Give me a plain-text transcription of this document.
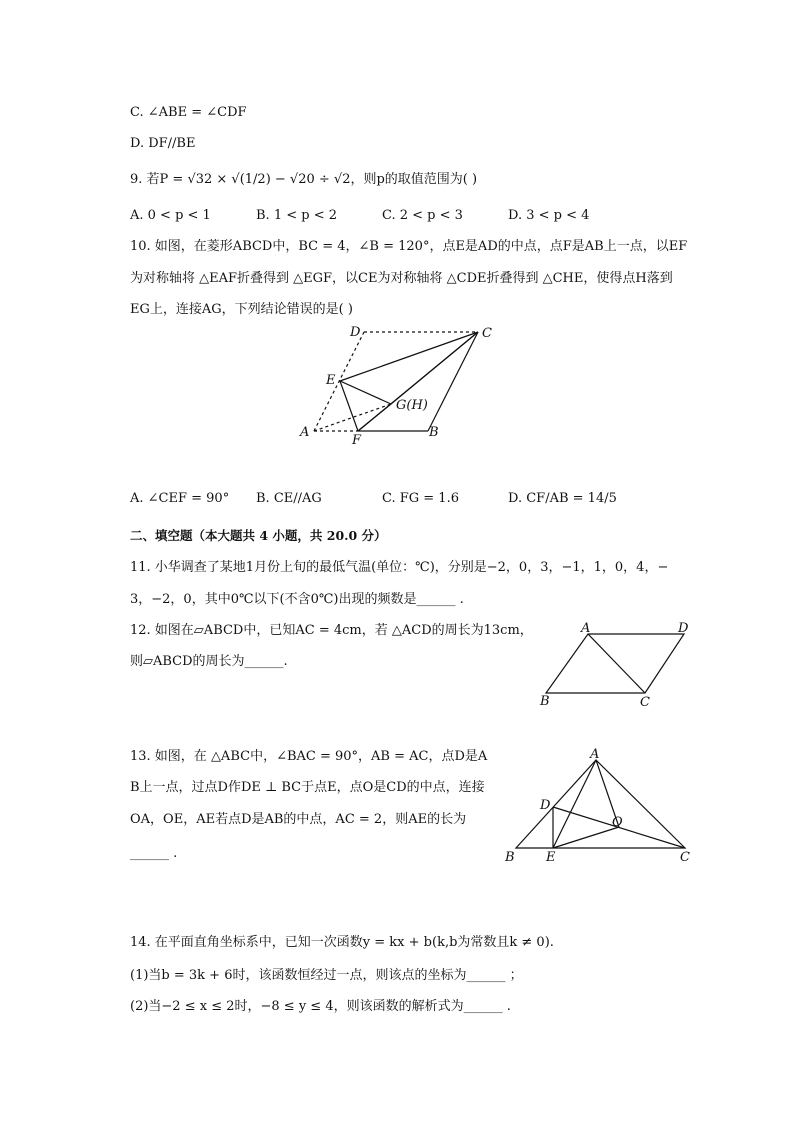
C. ∠ABE = ∠CDF
D. DF//BE
9. 若P = √32 × √(1/2) − √20 ÷ √2，则p的取值范围为( )
A. 0 < p < 1	B. 1 < p < 2	C. 2 < p < 3	D. 3 < p < 4
10. 如图，在菱形ABCD中，BC = 4，∠B = 120°，点E是AD的中点，点F是AB上一点，以EF
为对称轴将 △EAF折叠得到 △EGF，以CE为对称轴将 △CDE折叠得到 △CHE，使得点H落到
EG上，连接AG，下列结论错误的是( )
A	B
C
D
E
F
G(H)
A. ∠CEF = 90° B. CE//AG	C. FG = 1.6	D. CF/AB = 14/5
二、填空题（本大题共 4 小题，共 20.0 分）
11. 小华调查了某地1月份上旬的最低气温(单位：℃)，分别是−2，0，3，−1，1，0，4，−
3，−2，0，其中0℃以下(不含0℃)出现的频数是______ .
12. 如图在▱ABCD中，已知AC = 4cm，若 △ACD的周长为13cm，
则▱ABCD的周长为______.
A	D
B	C
13. 如图，在 △ABC中，∠BAC = 90°，AB = AC，点D是A
B上一点，过点D作DE ⊥ BC于点E，点O是CD的中点，连接
OA，OE，AE若点D是AB的中点，AC = 2，则AE的长为
______ .
A
B	C
D
E
O
14. 在平面直角坐标系中，已知一次函数y = kx + b(k,b为常数且k ≠ 0).
(1)当b = 3k + 6时，该函数恒经过一点，则该点的坐标为______ ；
(2)当−2 ≤ x ≤ 2时，−8 ≤ y ≤ 4，则该函数的解析式为______ .
